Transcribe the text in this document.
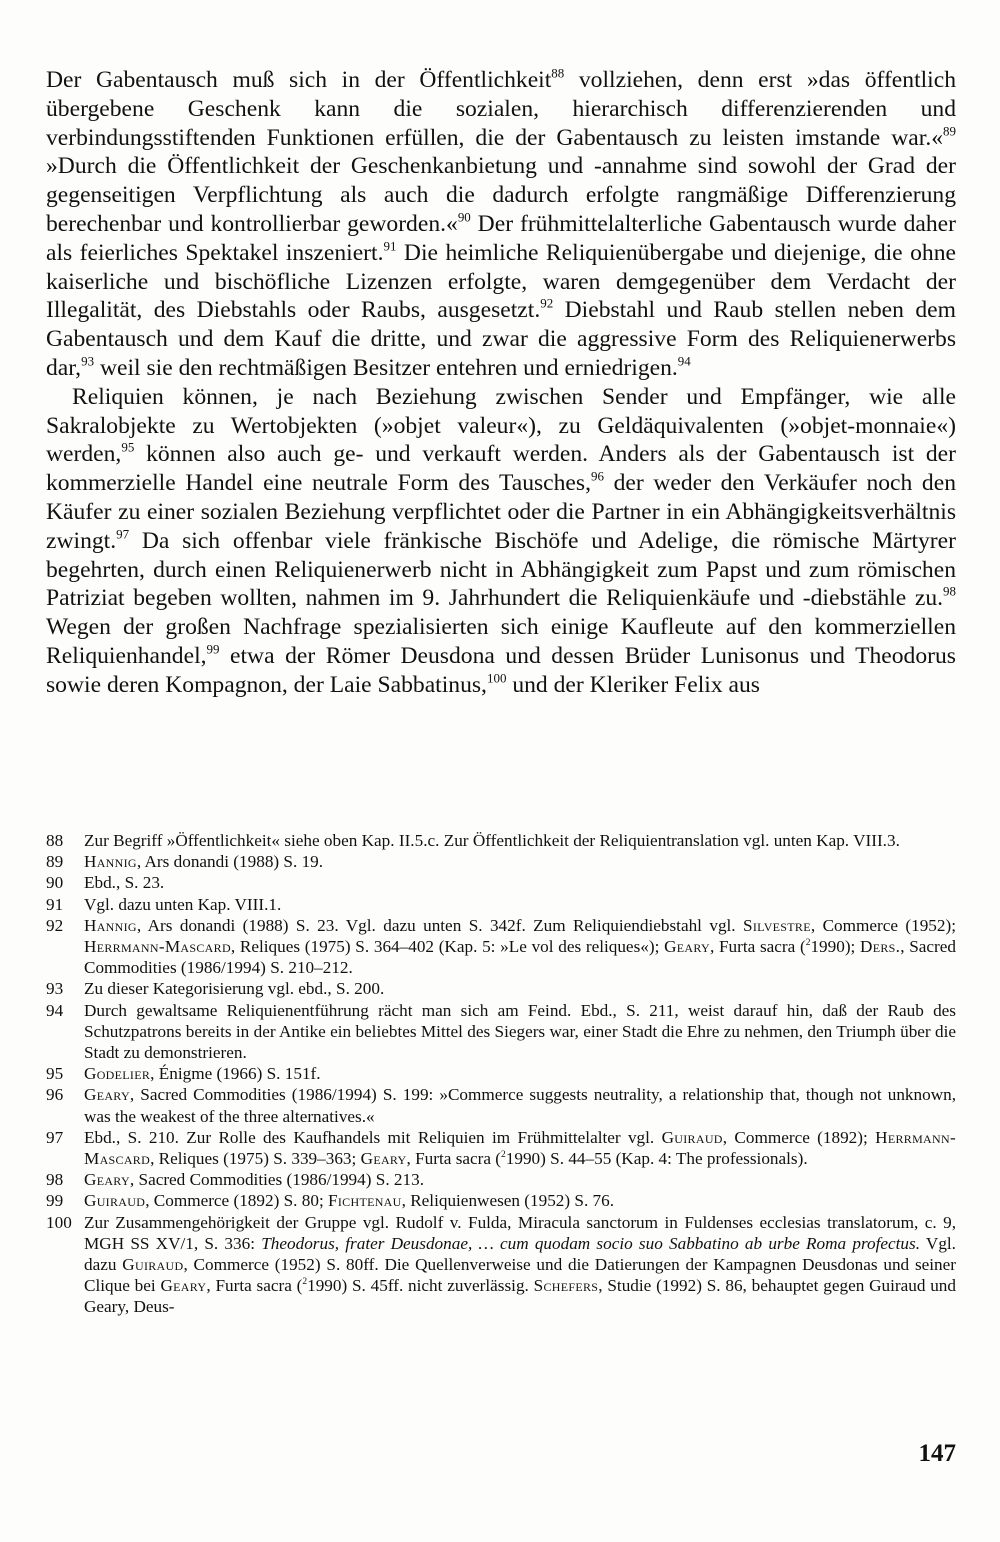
Der Gabentausch muß sich in der Öffentlichkeit$^{88}$ vollziehen, denn erst »das öffentlich übergebene Geschenk kann die sozialen, hierarchisch differenzierenden und verbindungsstiftenden Funktionen erfüllen, die der Gabentausch zu leisten imstande war.«$^{89}$ »Durch die Öffentlichkeit der Geschenkanbietung und -annahme sind sowohl der Grad der gegenseitigen Verpflichtung als auch die dadurch erfolgte rangmäßige Differenzierung berechenbar und kontrollierbar geworden.«$^{90}$ Der frühmittelalterliche Gabentausch wurde daher als feierliches Spektakel inszeniert.$^{91}$ Die heimliche Reliquienübergabe und diejenige, die ohne kaiserliche und bischöfliche Lizenzen erfolgte, waren demgegenüber dem Verdacht der Illegalität, des Diebstahls oder Raubs, ausgesetzt.$^{92}$ Diebstahl und Raub stellen neben dem Gabentausch und dem Kauf die dritte, und zwar die aggressive Form des Reliquienerwerbs dar,$^{93}$ weil sie den rechtmäßigen Besitzer entehren und erniedrigen.$^{94}$

Reliquien können, je nach Beziehung zwischen Sender und Empfänger, wie alle Sakralobjekte zu Wertobjekten (»objet valeur«), zu Geldäquivalenten (»objet-monnaie«) werden,$^{95}$ können also auch ge- und verkauft werden. Anders als der Gabentausch ist der kommerzielle Handel eine neutrale Form des Tausches,$^{96}$ der weder den Verkäufer noch den Käufer zu einer sozialen Beziehung verpflichtet oder die Partner in ein Abhängigkeitsverhältnis zwingt.$^{97}$ Da sich offenbar viele fränkische Bischöfe und Adelige, die römische Märtyrer begehrten, durch einen Reliquienerwerb nicht in Abhängigkeit zum Papst und zum römischen Patriziat begeben wollten, nahmen im 9. Jahrhundert die Reliquienkäufe und -diebstähle zu.$^{98}$ Wegen der großen Nachfrage spezialisierten sich einige Kaufleute auf den kommerziellen Reliquienhandel,$^{99}$ etwa der Römer Deusdona und dessen Brüder Lunisonus und Theodorus sowie deren Kompagnon, der Laie Sabbatinus,$^{100}$ und der Kleriker Felix aus

88	Zur Begriff »Öffentlichkeit« siehe oben Kap. II.5.c. Zur Öffentlichkeit der Reliquientranslation vgl. unten Kap. VIII.3.
89	Hannig, Ars donandi (1988) S. 19.
90	Ebd., S. 23.
91	Vgl. dazu unten Kap. VIII.1.
92	Hannig, Ars donandi (1988) S. 23. Vgl. dazu unten S. 342f. Zum Reliquiendiebstahl vgl. Silvestre, Commerce (1952); Herrmann-Mascard, Reliques (1975) S. 364–402 (Kap. 5: »Le vol des reliques«); Geary, Furta sacra ($^2$1990); Ders., Sacred Commodities (1986/1994) S. 210–212.
93	Zu dieser Kategorisierung vgl. ebd., S. 200.
94	Durch gewaltsame Reliquienentführung rächt man sich am Feind. Ebd., S. 211, weist darauf hin, daß der Raub des Schutzpatrons bereits in der Antike ein beliebtes Mittel des Siegers war, einer Stadt die Ehre zu nehmen, den Triumph über die Stadt zu demonstrieren.
95	Godelier, Énigme (1966) S. 151f.
96	Geary, Sacred Commodities (1986/1994) S. 199: »Commerce suggests neutrality, a relationship that, though not unknown, was the weakest of the three alternatives.«
97	Ebd., S. 210. Zur Rolle des Kaufhandels mit Reliquien im Frühmittelalter vgl. Guiraud, Commerce (1892); Herrmann-Mascard, Reliques (1975) S. 339–363; Geary, Furta sacra ($^2$1990) S. 44–55 (Kap. 4: The professionals).
98	Geary, Sacred Commodities (1986/1994) S. 213.
99	Guiraud, Commerce (1892) S. 80; Fichtenau, Reliquienwesen (1952) S. 76.
100 Zur Zusammengehörigkeit der Gruppe vgl. Rudolf v. Fulda, Miracula sanctorum in Fuldenses ecclesias translatorum, c. 9, MGH SS XV/1, S. 336: Theodorus, frater Deusdonae, … cum quodam socio suo Sabbatino ab urbe Roma profectus. Vgl. dazu Guiraud, Commerce (1952) S. 80ff. Die Quellenverweise und die Datierungen der Kampagnen Deusdonas und seiner Clique bei Geary, Furta sacra ($^2$1990) S. 45ff. nicht zuverlässig. Schefers, Studie (1992) S. 86, behauptet gegen Guiraud und Geary, Deus-
147
